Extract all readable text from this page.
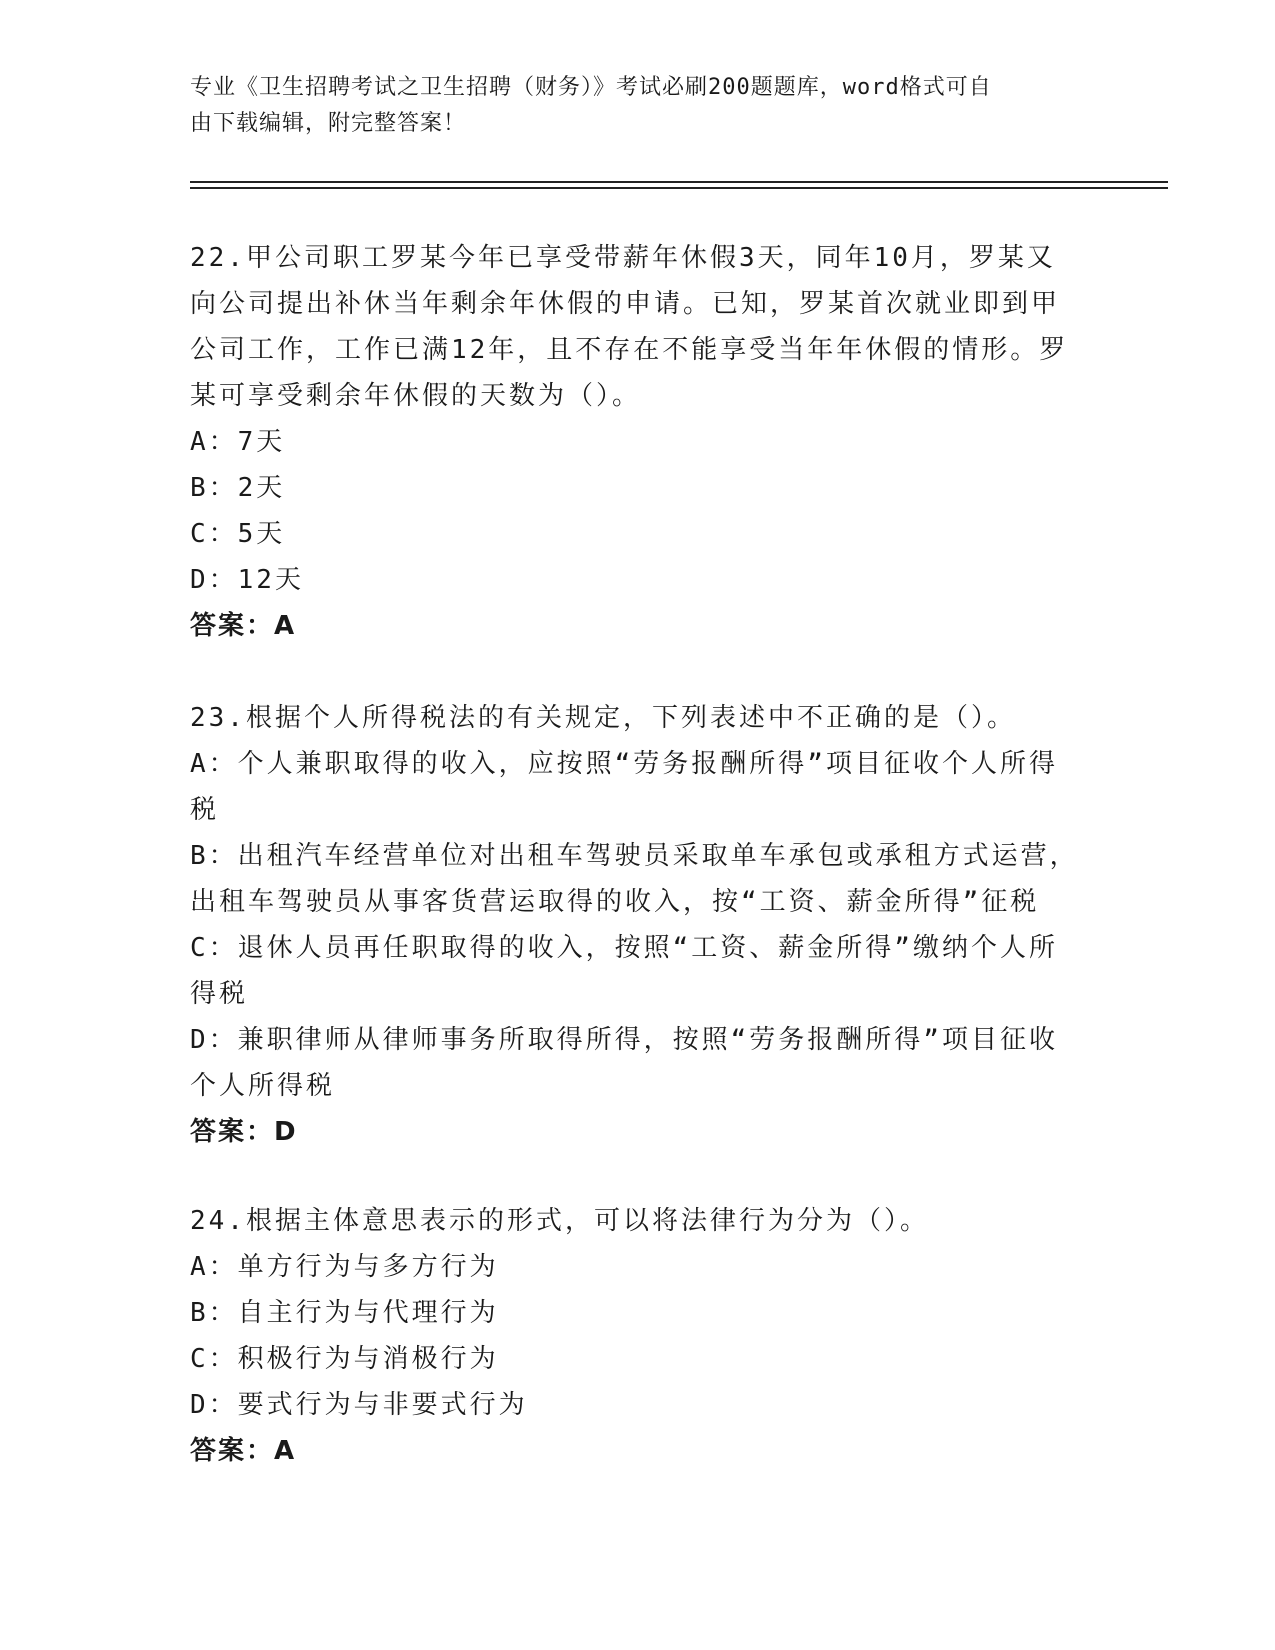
专业《卫生招聘考试之卫生招聘（财务）》考试必刷200题题库，word格式可自
由下载编辑，附完整答案！

22.甲公司职工罗某今年已享受带薪年休假3天，同年10月，罗某又

向公司提出补休当年剩余年休假的申请。已知，罗某首次就业即到甲

公司工作，工作已满12年，且不存在不能享受当年年休假的情形。罗

某可享受剩余年休假的天数为（）。

A：7天

B：2天

C：5天

D：12天

答案：A

23.根据个人所得税法的有关规定，下列表述中不正确的是（）。

A：个人兼职取得的收入，应按照“劳务报酬所得”项目征收个人所得

税

B：出租汽车经营单位对出租车驾驶员采取单车承包或承租方式运营，

出租车驾驶员从事客货营运取得的收入，按“工资、薪金所得”征税

C：退休人员再任职取得的收入，按照“工资、薪金所得”缴纳个人所

得税

D：兼职律师从律师事务所取得所得，按照“劳务报酬所得”项目征收

个人所得税

答案：D

24.根据主体意思表示的形式，可以将法律行为分为（）。

A：单方行为与多方行为

B：自主行为与代理行为

C：积极行为与消极行为

D：要式行为与非要式行为

答案：A
